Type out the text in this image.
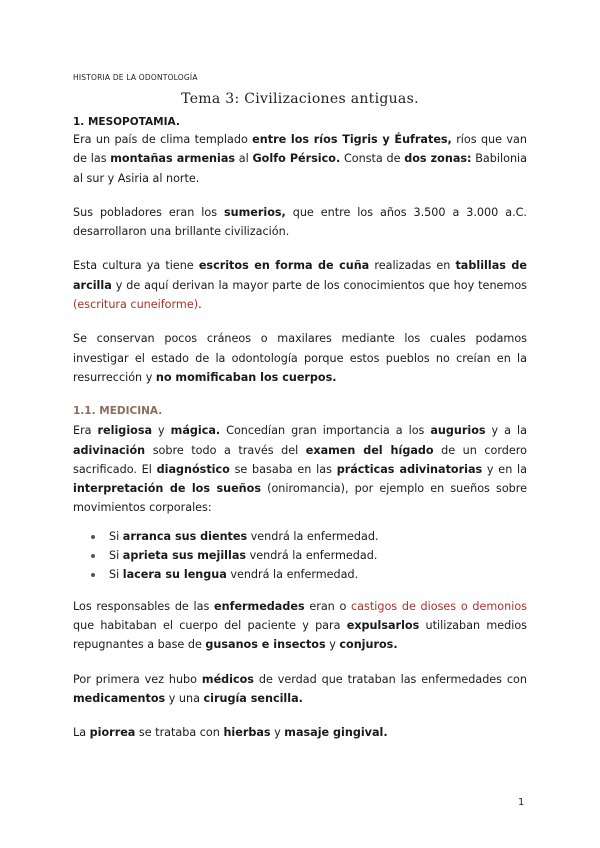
HISTORIA DE LA ODONTOLOGÍA
Tema 3: Civilizaciones antiguas.
1. MESOPOTAMIA.

Era un país de clima templado entre los ríos Tigris y Éufrates, ríos que van de las montañas armenias al Golfo Pérsico. Consta de dos zonas: Babilonia al sur y Asiria al norte.

Sus pobladores eran los sumerios, que entre los años 3.500 a 3.000 a.C. desarrollaron una brillante civilización.

Esta cultura ya tiene escritos en forma de cuña realizadas en tablillas de arcilla y de aquí derivan la mayor parte de los conocimientos que hoy tenemos (escritura cuneiforme).

Se conservan pocos cráneos o maxilares mediante los cuales podamos investigar el estado de la odontología porque estos pueblos no creían en la resurrección y no momificaban los cuerpos.

1.1. MEDICINA.

Era religiosa y mágica. Concedían gran importancia a los augurios y a la adivinación sobre todo a través del examen del hígado de un cordero sacrificado. El diagnóstico se basaba en las prácticas adivinatorias y en la interpretación de los sueños (oniromancia), por ejemplo en sueños sobre movimientos corporales:

Si arranca sus dientes vendrá la enfermedad.
Si aprieta sus mejillas vendrá la enfermedad.
Si lacera su lengua vendrá la enfermedad.

Los responsables de las enfermedades eran o castigos de dioses o demonios que habitaban el cuerpo del paciente y para expulsarlos utilizaban medios repugnantes a base de gusanos e insectos y conjuros.

Por primera vez hubo médicos de verdad que trataban las enfermedades con medicamentos y una cirugía sencilla.

La piorrea se trataba con hierbas y masaje gingival.

1
